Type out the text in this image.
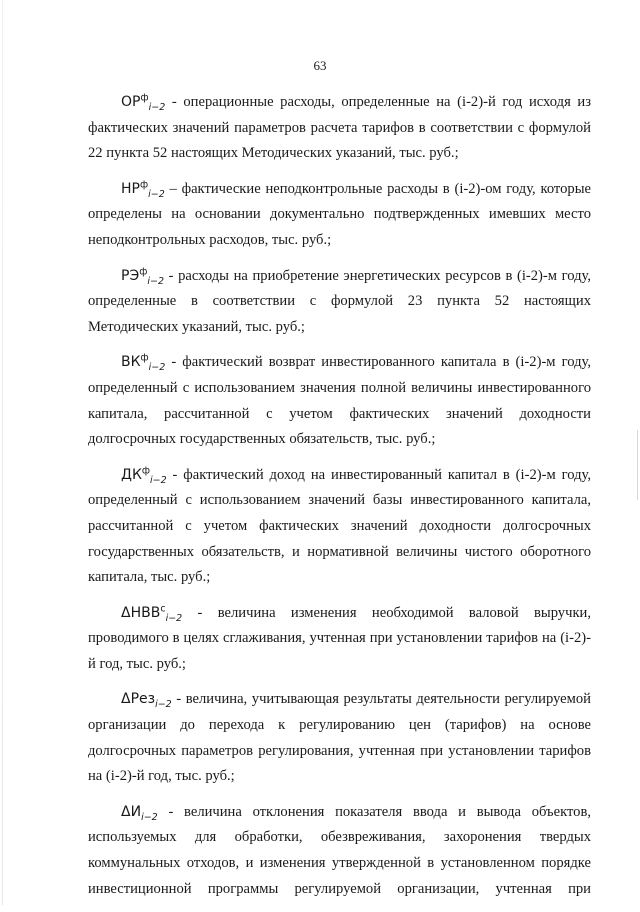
63

$ОР^ф_{i-2}$ - операционные расходы, определенные на (i-2)-й год исходя из фактических значений параметров расчета тарифов в соответствии с формулой 22 пункта 52 настоящих Методических указаний, тыс. руб.;

$НР^ф_{i-2}$ – фактические неподконтрольные расходы в (i-2)-ом году, которые определены на основании документально подтвержденных имевших место неподконтрольных расходов, тыс. руб.;

$РЭ^ф_{i-2}$ - расходы на приобретение энергетических ресурсов в (i-2)-м году, определенные в соответствии с формулой 23 пункта 52 настоящих Методических указаний, тыс. руб.;

$ВК^ф_{i-2}$ - фактический возврат инвестированного капитала в (i-2)-м году, определенный с использованием значения полной величины инвестированного капитала, рассчитанной с учетом фактических значений доходности долгосрочных государственных обязательств, тыс. руб.;

$ДК^ф_{i-2}$ - фактический доход на инвестированный капитал в (i-2)-м году, определенный с использованием значений базы инвестированного капитала, рассчитанной с учетом фактических значений доходности долгосрочных государственных обязательств, и нормативной величины чистого оборотного капитала, тыс. руб.;

$\Delta НВВ^с_{i-2}$ - величина изменения необходимой валовой выручки, проводимого в целях сглаживания, учтенная при установлении тарифов на (i-2)-й год, тыс. руб.;

ΔРез$_{i-2}$ - величина, учитывающая результаты деятельности регулируемой организации до перехода к регулированию цен (тарифов) на основе долгосрочных параметров регулирования, учтенная при установлении тарифов на (i-2)-й год, тыс. руб.;

$\Delta И_{i-2}$ - величина отклонения показателя ввода и вывода объектов, используемых для обработки, обезвреживания, захоронения твердых коммунальных отходов, и изменения утвержденной в установленном порядке инвестиционной программы регулируемой организации, учтенная при
